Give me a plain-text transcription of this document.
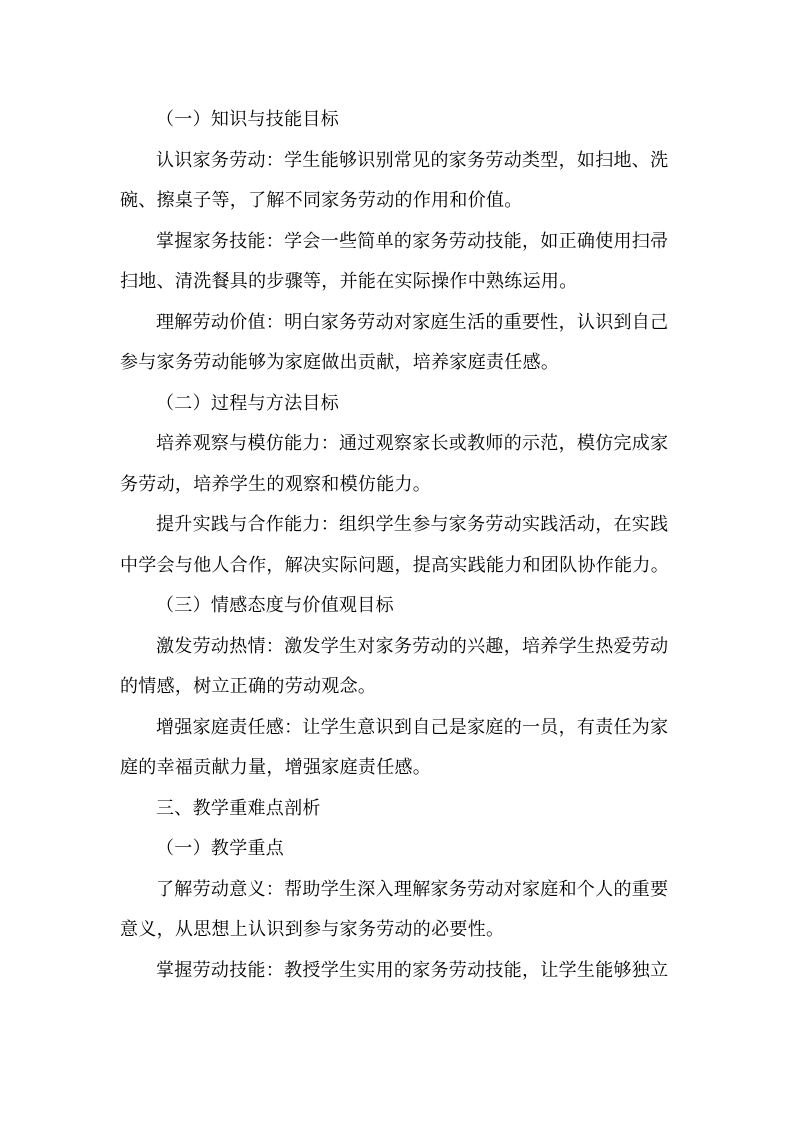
（一）知识与技能目标
认识家务劳动：学生能够识别常见的家务劳动类型，如扫地、洗
碗、擦桌子等，了解不同家务劳动的作用和价值。
掌握家务技能：学会一些简单的家务劳动技能，如正确使用扫帚
扫地、清洗餐具的步骤等，并能在实际操作中熟练运用。
理解劳动价值：明白家务劳动对家庭生活的重要性，认识到自己
参与家务劳动能够为家庭做出贡献，培养家庭责任感。
（二）过程与方法目标
培养观察与模仿能力：通过观察家长或教师的示范，模仿完成家
务劳动，培养学生的观察和模仿能力。
提升实践与合作能力：组织学生参与家务劳动实践活动，在实践
中学会与他人合作，解决实际问题，提高实践能力和团队协作能力。
（三）情感态度与价值观目标
激发劳动热情：激发学生对家务劳动的兴趣，培养学生热爱劳动
的情感，树立正确的劳动观念。
增强家庭责任感：让学生意识到自己是家庭的一员，有责任为家
庭的幸福贡献力量，增强家庭责任感。
三、教学重难点剖析
（一）教学重点
了解劳动意义：帮助学生深入理解家务劳动对家庭和个人的重要
意义，从思想上认识到参与家务劳动的必要性。
掌握劳动技能：教授学生实用的家务劳动技能，让学生能够独立
